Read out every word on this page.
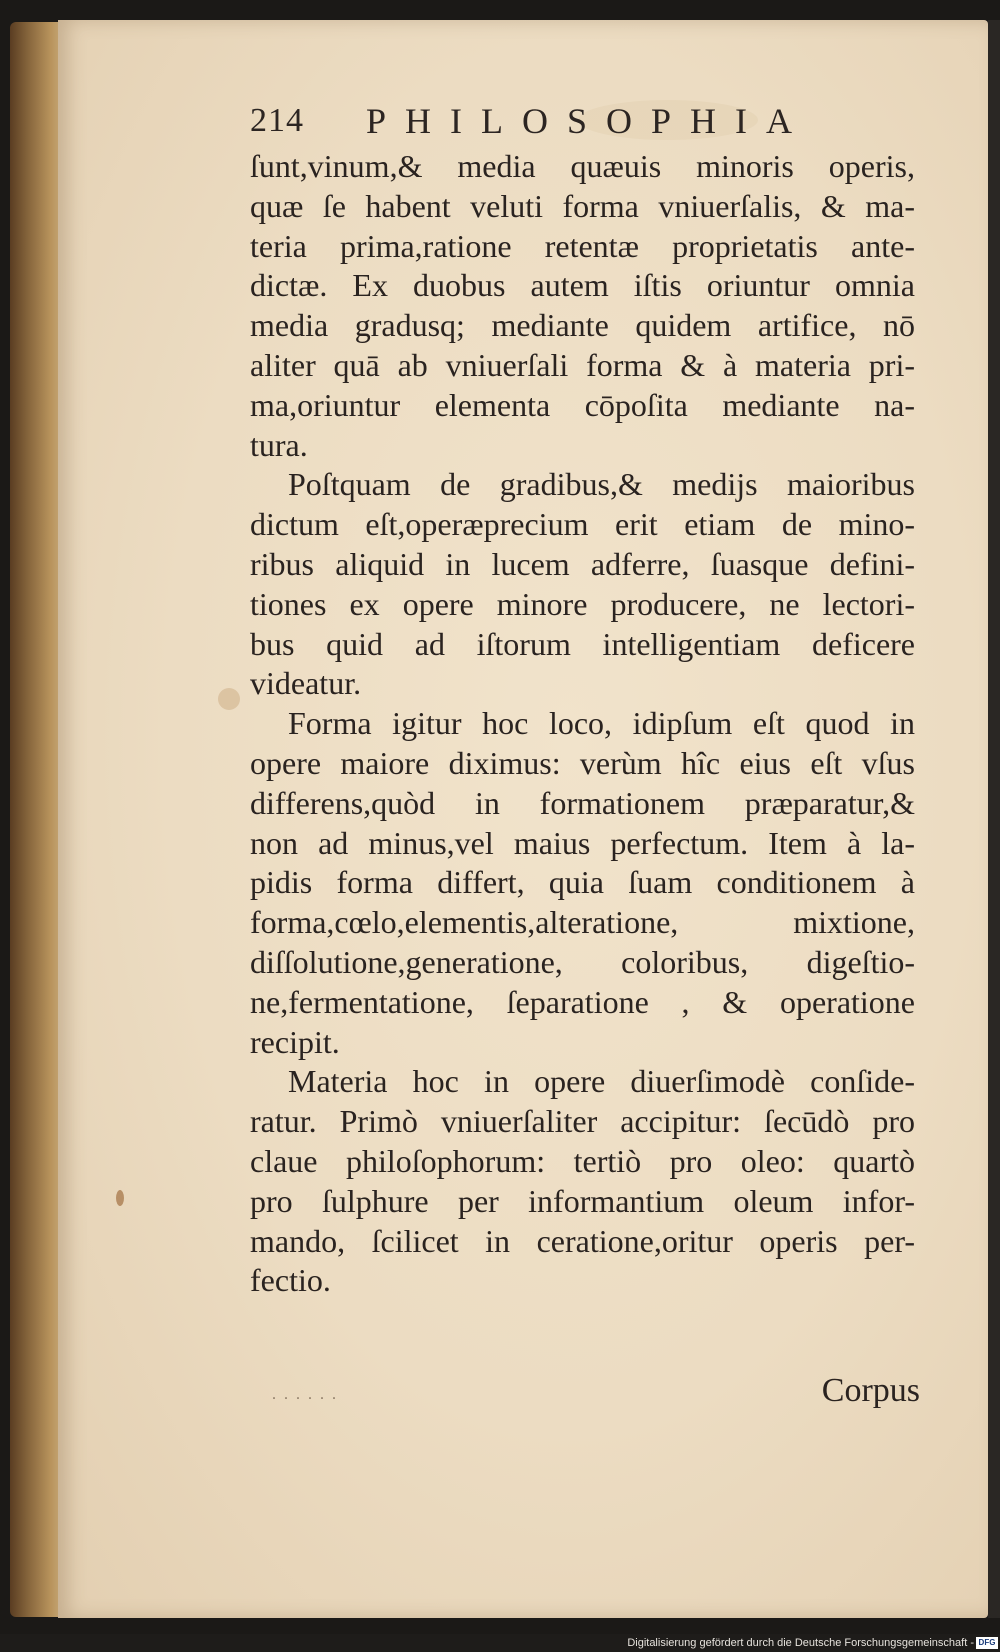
214 PHILOSOPHIA
ſunt,vinum,& media quæuis minoris operis,
quæ ſe habent veluti forma vniuerſalis, & ma-
teria prima,ratione retentæ proprietatis ante-
dictæ. Ex duobus autem iſtis oriuntur omnia
media gradusq; mediante quidem artifice, nō
aliter quā ab vniuerſali forma & à materia pri-
ma,oriuntur elementa cōpoſita mediante na-
tura.
Poſtquam de gradibus,& medijs maioribus
dictum eſt,operæprecium erit etiam de mino-
ribus aliquid in lucem adferre, ſuasque defini-
tiones ex opere minore producere, ne lectori-
bus quid ad iſtorum intelligentiam deficere
videatur.
Forma igitur hoc loco, idipſum eſt quod in
opere maiore diximus: verùm hîc eius eſt vſus
differens,quòd in formationem præparatur,&
non ad minus,vel maius perfectum. Item à la-
pidis forma differt, quia ſuam conditionem à
forma,cœlo,elementis,alteratione, mixtione,
diſſolutione,generatione, coloribus, digeſtio-
ne,fermentatione, ſeparatione , & operatione
recipit.
Materia hoc in opere diuerſimodè conſide-
ratur. Primò vniuerſaliter accipitur: ſecūdò pro
claue philoſophorum: tertiò pro oleo: quartò
pro ſulphure per informantium oleum infor-
mando, ſcilicet in ceratione,oritur operis per-
fectio.
. . . . . .	Corpus
Digitalisierung gefördert durch die Deutsche Forschungsgemeinschaft - DFG
